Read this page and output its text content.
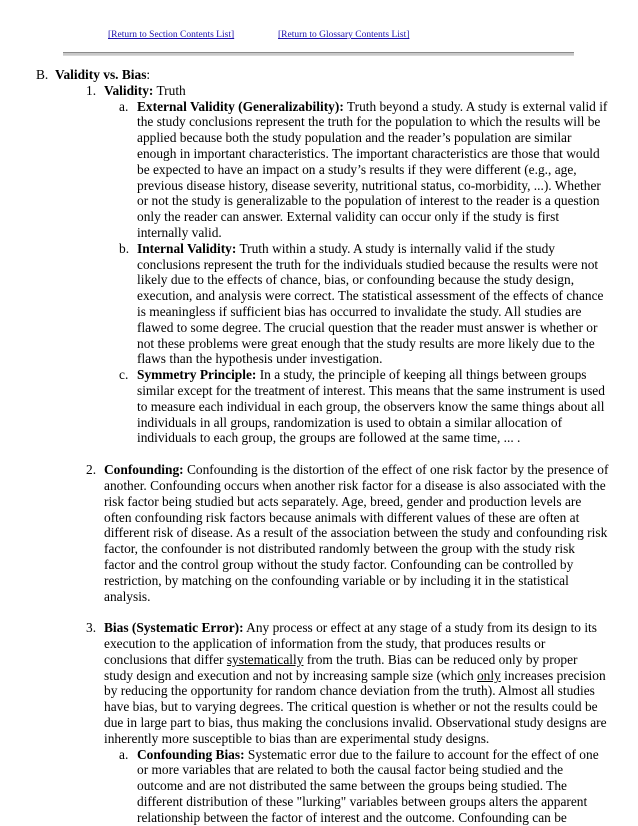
[Return to Section Contents List]	[Return to Glossary Contents List]
B. Validity vs. Bias:
1. Validity: Truth
a. External Validity (Generalizability): Truth beyond a study. A study is external valid if the study conclusions represent the truth for the population to which the results will be applied because both the study population and the reader’s population are similar enough in important characteristics. The important characteristics are those that would be expected to have an impact on a study’s results if they were different (e.g., age, previous disease history, disease severity, nutritional status, co-morbidity, ...). Whether or not the study is generalizable to the population of interest to the reader is a question only the reader can answer. External validity can occur only if the study is first internally valid.
b. Internal Validity: Truth within a study. A study is internally valid if the study conclusions represent the truth for the individuals studied because the results were not likely due to the effects of chance, bias, or confounding because the study design, execution, and analysis were correct. The statistical assessment of the effects of chance is meaningless if sufficient bias has occurred to invalidate the study. All studies are flawed to some degree. The crucial question that the reader must answer is whether or not these problems were great enough that the study results are more likely due to the flaws than the hypothesis under investigation.
c. Symmetry Principle: In a study, the principle of keeping all things between groups similar except for the treatment of interest. This means that the same instrument is used to measure each individual in each group, the observers know the same things about all individuals in all groups, randomization is used to obtain a similar allocation of individuals to each group, the groups are followed at the same time, ... .
2. Confounding: Confounding is the distortion of the effect of one risk factor by the presence of another. Confounding occurs when another risk factor for a disease is also associated with the risk factor being studied but acts separately. Age, breed, gender and production levels are often confounding risk factors because animals with different values of these are often at different risk of disease. As a result of the association between the study and confounding risk factor, the confounder is not distributed randomly between the group with the study risk factor and the control group without the study factor. Confounding can be controlled by restriction, by matching on the confounding variable or by including it in the statistical analysis.
3. Bias (Systematic Error): Any process or effect at any stage of a study from its design to its execution to the application of information from the study, that produces results or conclusions that differ systematically from the truth. Bias can be reduced only by proper study design and execution and not by increasing sample size (which only increases precision by reducing the opportunity for random chance deviation from the truth). Almost all studies have bias, but to varying degrees. The critical question is whether or not the results could be due in large part to bias, thus making the conclusions invalid. Observational study designs are inherently more susceptible to bias than are experimental study designs.
a. Confounding Bias: Systematic error due to the failure to account for the effect of one or more variables that are related to both the causal factor being studied and the outcome and are not distributed the same between the groups being studied. The different distribution of these "lurking" variables between groups alters the apparent relationship between the factor of interest and the outcome. Confounding can be
